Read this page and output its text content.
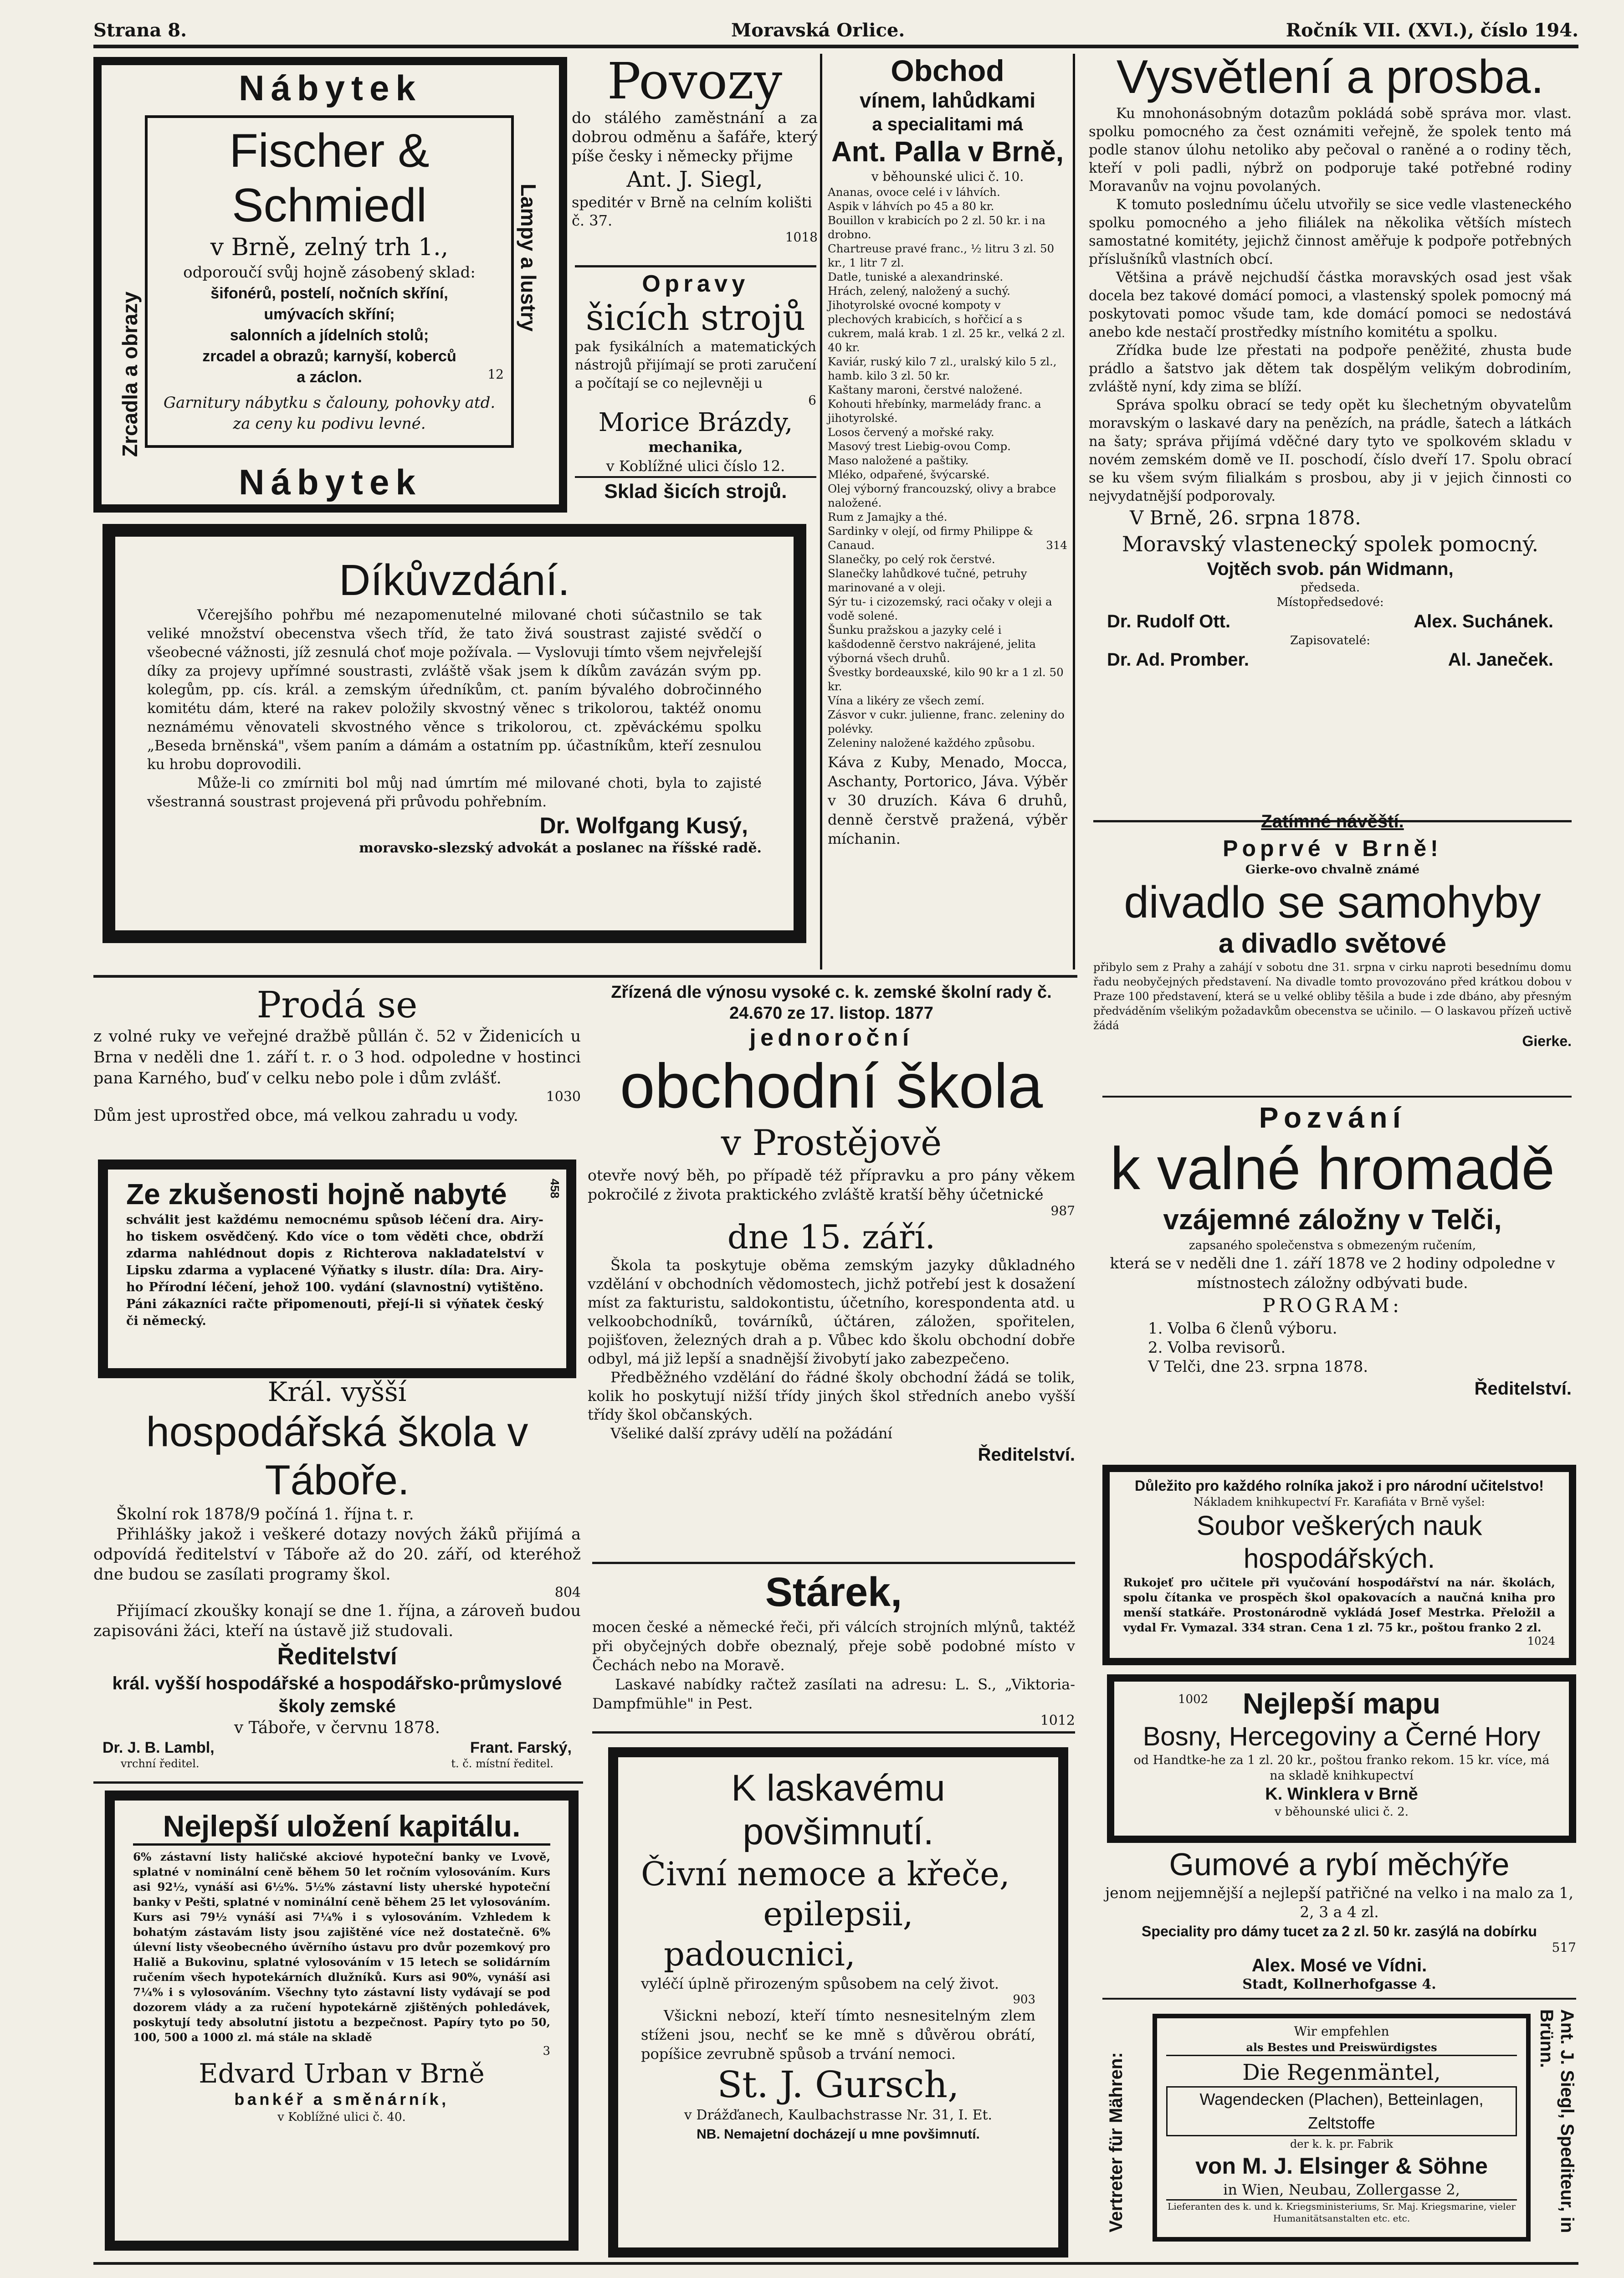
Strana 8.	Moravská Orlice.	Ročník VII. (XVI.), číslo 194.
Nábytek
Zrcadla a obrazy
Lampy a lustry

Fischer & Schmiedl

v Brně, zelný trh 1.,

odporoučí svůj hojně zásobený sklad:

šifonérů, postelí, nočních skříní,

umývacích skříní;

salonních a jídelních stolů;

zrcadel a obrazů; karnyší, koberců

a záclon.	12

Garnitury nábytku s čalouny, pohovky atd. za ceny ku podivu levné.

Nábytek

Povozy

do stálého zaměstnání a za dobrou odměnu a šafáře, který píše česky i německy přijme

Ant. J. Siegl,

speditér v Brně na celním kolišti č. 37.

1018

Opravy

šicích strojů

pak fysikálních a matematických nástrojů přijímají se proti zaručení a počítají se co nejlevněji u

6

Morice Brázdy,

mechanika,

v Koblížné ulici číslo 12.

Sklad šicích strojů.

Obchod

vínem, lahůdkami

a specialitami má

Ant. Palla v Brně,

v běhounské ulici č. 10.

Ananas, ovoce celé i v láhvích.

Aspik v láhvích po 45 a 80 kr.

Bouillon v krabicích po 2 zl. 50 kr. i na drobno.

Chartreuse pravé franc., ½ litru 3 zl. 50 kr., 1 litr 7 zl.

Datle, tuniské a alexandrinské.

Hrách, zelený, naložený a suchý.

Jihotyrolské ovocné kompoty v plechových krabicích, s hořčicí a s cukrem, malá krab. 1 zl. 25 kr., velká 2 zl. 40 kr.

Kaviár, ruský kilo 7 zl., uralský kilo 5 zl., hamb. kilo 3 zl. 50 kr.

Kaštany maroni, čerstvé naložené.

Kohouti hřebínky, marmelády franc. a jihotyrolské.

Losos červený a mořské raky.

Masový trest Liebig-ovou Comp.

Maso naložené a paštiky.

Mléko, odpařené, švýcarské.

Olej výborný francouzský, olivy a brabce naložené.

Rum z Jamajky a thé.

Sardinky v olejí, od firmy Philippe & Canaud.	314

Slanečky, po celý rok čerstvé.

Slanečky lahůdkové tučné, petruhy marinované a v oleji.

Sýr tu- i cizozemský, raci očaky v oleji a vodě solené.

Šunku pražskou a jazyky celé i kašdodenně čerstvo nakrájené, jelita výborná všech druhů.

Švestky bordeauxské, kilo 90 kr a 1 zl. 50 kr.

Vína a likéry ze všech zemí.

Zásvor v cukr. julienne, franc. zeleniny do polévky.

Zeleniny naložené každého způsobu.

Káva z Kuby, Menado, Mocca, Aschanty, Portorico, Jáva. Výběr v 30 druzích. Káva 6 druhů, denně čerstvě pražená, výběr míchanin.

Vysvětlení a prosba.

Ku mnohonásobným dotazům pokládá sobě správa mor. vlast. spolku pomocného za čest oznámiti veřejně, že spolek tento má podle stanov úlohu netoliko aby pečoval o raněné a o rodiny těch, kteří v poli padli, nýbrž on podporuje také potřebné rodiny Moravanův na vojnu povolaných.

K tomuto poslednímu účelu utvořily se sice vedle vlasteneckého spolku pomocného a jeho filiálek na několika větších místech samostatné komitéty, jejichž činnost aměřuje k podpoře potřebných příslušníků vlastních obcí.

Většina a právě nejchudší částka moravských osad jest však docela bez takové domácí pomoci, a vlastenský spolek pomocný má poskytovati pomoc všude tam, kde domácí pomoci se nedostává anebo kde nestačí prostředky místního komitétu a spolku.

Zřídka bude lze přestati na podpoře peněžité, zhusta bude prádlo a šatstvo jak dětem tak dospělým velikým dobrodiním, zvláště nyní, kdy zima se blíží.

Správa spolku obrací se tedy opět ku šlechetným obyvatelům moravským o laskavé dary na penězích, na prádle, šatech a látkách na šaty; správa přijímá vděčné dary tyto ve spolkovém skladu v novém zemském domě ve II. poschodí, číslo dveří 17. Spolu obrací se ku všem svým filialkám s prosbou, aby ji v jejich činnosti co nejvydatnější podporovaly.

V Brně, 26. srpna 1878.

Moravský vlastenecký spolek pomocný.

Vojtěch svob. pán Widmann,

předseda.

Místopředsedové:

Dr. Rudolf Ott.	Alex. Suchánek.

Zapisovatelé:

Dr. Ad. Promber.	Al. Janeček.

Zatímné návěští.

Poprvé v Brně!

Gierke-ovo chvalně známé

divadlo se samohyby

a divadlo světové

přibylo sem z Prahy a zahájí v sobotu dne 31. srpna v cirku naproti besednímu domu řadu neobyčejných představení. Na divadle tomto provozováno před krátkou dobou v Praze 100 představení, která se u velké obliby těšila a bude i zde dbáno, aby přesným předváděním všelikým požadavkům obecenstva se učinilo. — O laskavou přízeň uctivě žádá

Gierke.

Díkůvzdání.

Včerejšího pohřbu mé nezapomenutelné milované choti súčastnilo se tak veliké množství obecenstva všech tříd, že tato živá soustrast zajisté svědčí o všeobecné vážnosti, jíž zesnulá choť moje požívala. — Vyslovuji tímto všem nejvřelejší díky za projevy upřímné soustrasti, zvláště však jsem k díkům zavázán svým pp. kolegům, pp. cís. král. a zemským úředníkům, ct. paním bývalého dobročinného komitétu dám, které na rakev položily skvostný věnec s trikolorou, taktéž onomu neznámému věnovateli skvostného věnce s trikolorou, ct. zpěváckému spolku „Beseda brněnská", všem paním a dámám a ostatním pp. účastníkům, kteří zesnulou ku hrobu doprovodili.

Může-li co zmírniti bol můj nad úmrtím mé milované choti, byla to zajisté všestranná soustrast projevená při průvodu pohřebním.

Dr. Wolfgang Kusý,

moravsko-slezský advokát a poslanec na říšské radě.

Prodá se

z volné ruky ve veřejné dražbě půllán č. 52 v Židenicích u Brna v neděli dne 1. září t. r. o 3 hod. odpoledne v hostinci pana Karného, buď v celku nebo pole i dům zvlášť.

1030

Dům jest uprostřed obce, má velkou zahradu u vody.

Ze zkušenosti hojně nabyté	458

schválit jest každému nemocnému spůsob léčení dra. Airy-ho tiskem osvědčený. Kdo více o tom věděti chce, obdrží zdarma nahlédnout dopis z Richterova nakladatelství v Lipsku zdarma a vyplacené Výňatky s ilustr. díla: Dra. Airy-ho Přírodní léčení, jehož 100. vydání (slavnostní) vytištěno. Páni zákazníci račte připomenouti, přejí-li si výňatek český či německý.

Král. vyšší

hospodářská škola v Táboře.

Školní rok 1878/9 počíná 1. října t. r.

Přihlášky jakož i veškeré dotazy nových žáků přijímá a odpovídá ředitelství v Táboře až do 20. září, od kteréhož dne budou se zasílati programy škol.

804

Přijímací zkoušky konají se dne 1. října, a zároveň budou zapisováni žáci, kteří na ústavě již studovali.

Ředitelství

král. vyšší hospodářské a hospodářsko-průmyslové školy zemské

v Táboře, v červnu 1878.

Dr. J. B. Lambl,	Frant. Farský,
vrchní ředitel.	t. č. místní ředitel.

Nejlepší uložení kapitálu.

6% zástavní listy haličské akciové hypoteční banky ve Lvově, splatné v nominální ceně během 50 let ročním vylosováním. Kurs asi 92½, vynáší asi 6½%. 5½% zástavní listy uherské hypoteční banky v Pešti, splatné v nominální ceně během 25 let vylosováním. Kurs asi 79½ vynáší asi 7¼% i s vylosováním. Vzhledem k bohatým zástavám listy jsou zajištěné více než dostatečně. 6% úlevní listy všeobecného úvěrního ústavu pro dvůr pozemkový pro Haliě a Bukovinu, splatné vylosováním v 15 letech se solidárním ručením všech hypotekárních dlužníků. Kurs asi 90%, vynáší asi 7¼% i s vylosováním. Všechny tyto zástavní listy vydávají se pod dozorem vlády a za ručení hypotekárně zjištěných pohledávek, poskytují tedy absolutní jistotu a bezpečnost. Papíry tyto po 50, 100, 500 a 1000 zl. má stále na skladě

3

Edvard Urban v Brně

bankéř a směnárník,

v Koblížné ulici č. 40.

Zřízená dle výnosu vysoké c. k. zemské školní rady č. 24.670 ze 17. listop. 1877

jednoroční

obchodní škola

v Prostějově

otevře nový běh, po případě též přípravku a pro pány věkem pokročilé z života praktického zvláště kratší běhy účetnické

987

dne 15. září.

Škola ta poskytuje oběma zemským jazyky důkladného vzdělání v obchodních vědomostech, jichž potřebí jest k dosažení míst za fakturistu, saldokontistu, účetního, korespondenta atd. u velkoobchodníků, továrníků, účtáren, záložen, spořitelen, pojišťoven, železných drah a p. Vůbec kdo školu obchodní dobře odbyl, má již lepší a snadnější živobytí jako zabezpečeno.

Předběžného vzdělání do řádné školy obchodní žádá se tolik, kolik ho poskytují nižší třídy jiných škol středních anebo vyšší třídy škol občanských.

Všeliké další zprávy udělí na požádání

Ředitelství.

Stárek,

mocen české a německé řeči, při válcích strojních mlýnů, taktéž při obyčejných dobře obeznalý, přeje sobě podobné místo v Čechách nebo na Moravě.

Laskavé nabídky račtež zasílati na adresu: L. S., „Viktoria-Dampfmühle" in Pest.

1012

K laskavému povšimnutí.

Čivní nemoce a křeče,

epilepsii,

padoucnici,

vyléčí úplně přirozeným spůsobem na celý život.

903

Všickni nebozí, kteří tímto nesnesitelným zlem stíženi jsou, nechť se ke mně s důvěrou obrátí, popíšice zevrubně spůsob a trvání nemoci.

St. J. Gursch,

v Drážďanech, Kaulbachstrasse Nr. 31, I. Et.

NB. Nemajetní docházejí u mne povšimnutí.

Pozvání

k valné hromadě

vzájemné záložny v Telči,

zapsaného společenstva s obmezeným ručením,

která se v neděli dne 1. září 1878 ve 2 hodiny odpoledne v místnostech záložny odbývati bude.

PROGRAM:

1. Volba 6 členů výboru.

2. Volba revisorů.

V Telči, dne 23. srpna 1878.

Ředitelství.

Důležito pro každého rolníka jakož i pro národní učitelstvo!

Nákladem knihkupectví Fr. Karafiáta v Brně vyšel:

Soubor veškerých nauk hospodářských.

Rukojeť pro učitele při vyučování hospodářství na nár. školách, spolu čítanka ve prospěch škol opakovacích a naučná kniha pro menší statkáře. Prostonárodně vykládá Josef Mestrka. Přeložil a vydal Fr. Vymazal. 334 stran. Cena 1 zl. 75 kr., poštou franko 2 zl.

1024

1002	Nejlepší mapu

Bosny, Hercegoviny a Černé Hory

od Handtke-he za 1 zl. 20 kr., poštou franko rekom. 15 kr. více, má na skladě knihkupectví

K. Winklera v Brně

v běhounské ulici č. 2.

Gumové a rybí měchýře

jenom nejjemnější a nejlepší patřičné na velko i na malo za 1, 2, 3 a 4 zl.

Speciality pro dámy tucet za 2 zl. 50 kr. zasýlá na dobírku

517

Alex. Mosé ve Vídni.

Stadt, Kollnerhofgasse 4.

Vertreter für Mähren:	Ant. J. Siegl, Spediteur, in Brünn.

Wir empfehlen

als Bestes und Preiswürdigstes

Die Regenmäntel,

Wagendecken (Plachen), Betteinlagen, Zeltstoffe

der k. k. pr. Fabrik

von M. J. Elsinger & Söhne

in Wien, Neubau, Zollergasse 2,

Lieferanten des k. und k. Kriegsministeriums, Sr. Maj. Kriegsmarine, vieler Humanitätsanstalten etc. etc.
